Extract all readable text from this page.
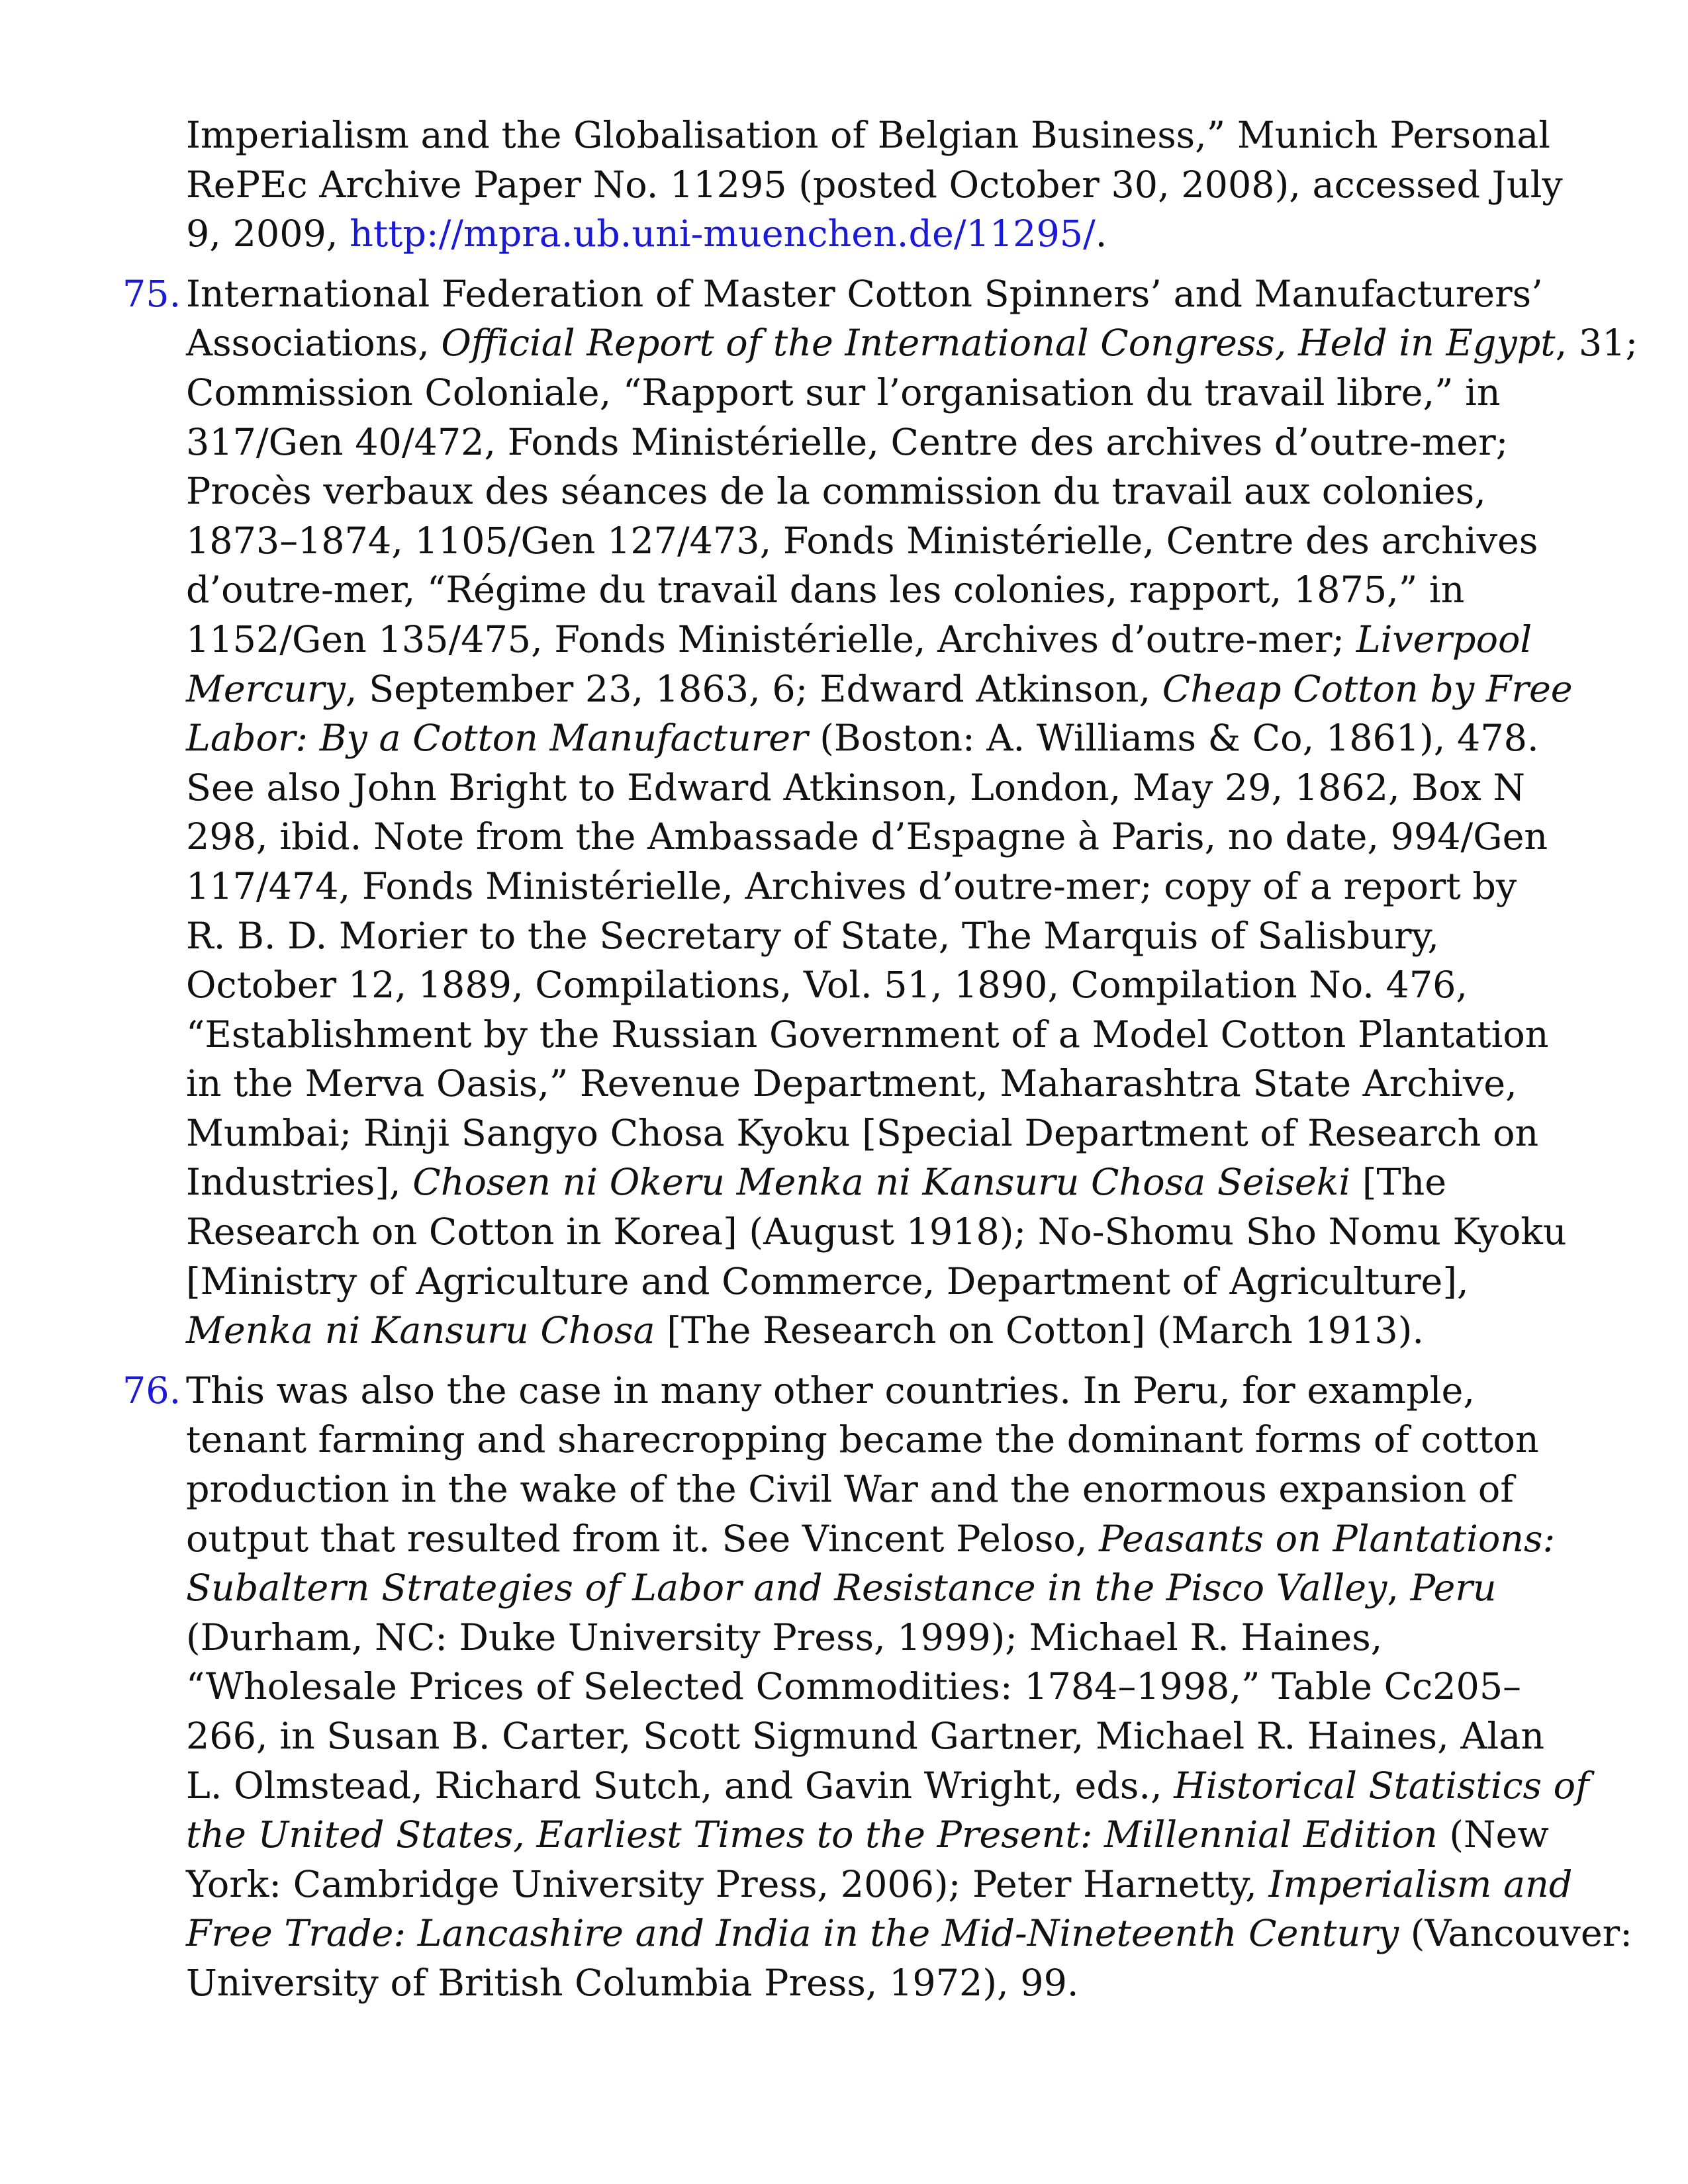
Imperialism and the Globalisation of Belgian Business,” Munich Personal
RePEc Archive Paper No. 11295 (posted October 30, 2008), accessed July
9, 2009, http://mpra.ub.uni-muenchen.de/11295/.
75. International Federation of Master Cotton Spinners’ and Manufacturers’
Associations, Official Report of the International Congress, Held in Egypt, 31;
Commission Coloniale, “Rapport sur l’organisation du travail libre,” in
317/Gen 40/472, Fonds Ministérielle, Centre des archives d’outre-mer;
Procès verbaux des séances de la commission du travail aux colonies,
1873–1874, 1105/Gen 127/473, Fonds Ministérielle, Centre des archives
d’outre-mer, “Régime du travail dans les colonies, rapport, 1875,” in
1152/Gen 135/475, Fonds Ministérielle, Archives d’outre-mer; Liverpool
Mercury, September 23, 1863, 6; Edward Atkinson, Cheap Cotton by Free
Labor: By a Cotton Manufacturer (Boston: A. Williams & Co, 1861), 478.
See also John Bright to Edward Atkinson, London, May 29, 1862, Box N
298, ibid. Note from the Ambassade d’Espagne à Paris, no date, 994/Gen
117/474, Fonds Ministérielle, Archives d’outre-mer; copy of a report by
R. B. D. Morier to the Secretary of State, The Marquis of Salisbury,
October 12, 1889, Compilations, Vol. 51, 1890, Compilation No. 476,
“Establishment by the Russian Government of a Model Cotton Plantation
in the Merva Oasis,” Revenue Department, Maharashtra State Archive,
Mumbai; Rinji Sangyo Chosa Kyoku [Special Department of Research on
Industries], Chosen ni Okeru Menka ni Kansuru Chosa Seiseki [The
Research on Cotton in Korea] (August 1918); No-Shomu Sho Nomu Kyoku
[Ministry of Agriculture and Commerce, Department of Agriculture],
Menka ni Kansuru Chosa [The Research on Cotton] (March 1913).
76. This was also the case in many other countries. In Peru, for example,
tenant farming and sharecropping became the dominant forms of cotton
production in the wake of the Civil War and the enormous expansion of
output that resulted from it. See Vincent Peloso, Peasants on Plantations:
Subaltern Strategies of Labor and Resistance in the Pisco Valley, Peru
(Durham, NC: Duke University Press, 1999); Michael R. Haines,
“Wholesale Prices of Selected Commodities: 1784–1998,” Table Cc205–
266, in Susan B. Carter, Scott Sigmund Gartner, Michael R. Haines, Alan
L. Olmstead, Richard Sutch, and Gavin Wright, eds., Historical Statistics of
the United States, Earliest Times to the Present: Millennial Edition (New
York: Cambridge University Press, 2006); Peter Harnetty, Imperialism and
Free Trade: Lancashire and India in the Mid-Nineteenth Century (Vancouver:
University of British Columbia Press, 1972), 99.
